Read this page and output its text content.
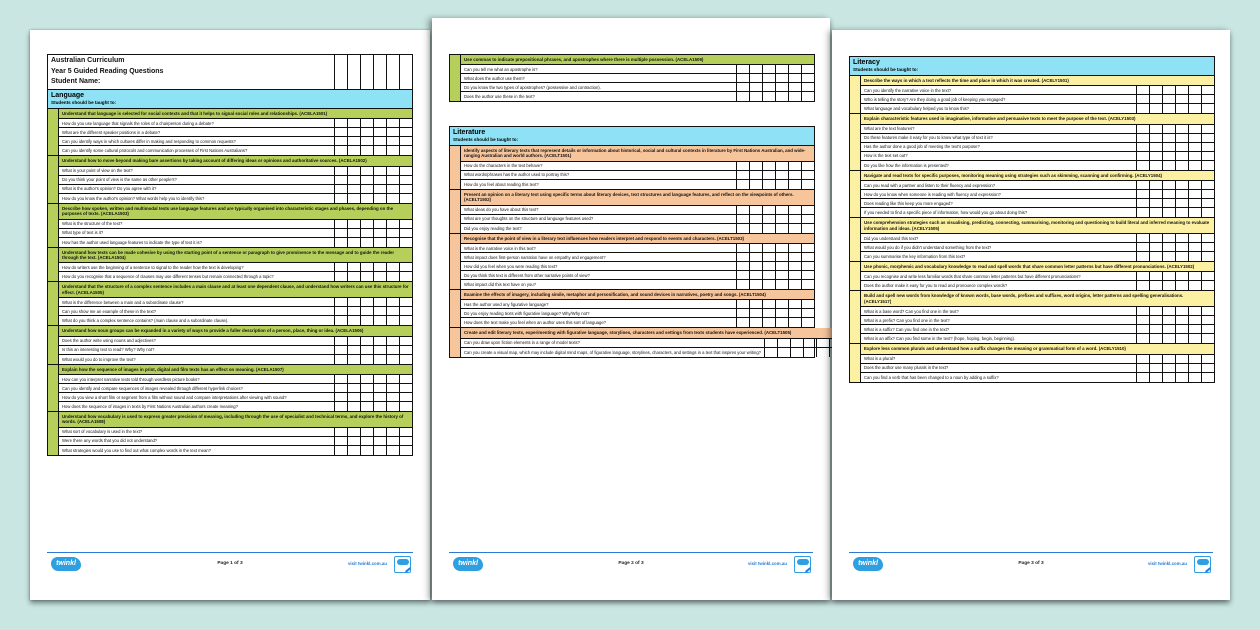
Australian Curriculum
Year 5 Guided Reading Questions
Student Name:
Language
Students should be taught to:
Understand that language is selected for social contexts and that it helps to signal social roles and relationships. (ACELA1501)
How do you use language that signals the roles of a chairperson during a debate?
What are the different speaker positions in a debate?
Can you identify ways in which cultures differ in making and responding to common requests?
Can you identify some cultural protocols and communication processes of First Nations Australians?
Understand how to move beyond making bare assertions by taking account of differing ideas or opinions and authoritative sources. (ACELA1502)
What is your point of view on the text?
Do you think your point of view is the same as other people's?
What is the author's opinion? Do you agree with it?
How do you know the author's opinion? What words help you to identify this?
Describe how spoken, written and multimodal texts use language features and are typically organised into characteristic stages and phases, depending on the purposes of texts. (ACELA1503)
What is the structure of the text?
What type of text is it?
How has the author used language features to indicate the type of text it is?
Understand how texts can be made cohesive by using the starting point of a sentence or paragraph to give prominence to the message and to guide the reader through the text. (ACELA1504)
How do writers use the beginning of a sentence to signal to the reader how the text is developing?
How do you recognise that a sequence of clauses may use different tenses but remain connected through a topic?
Understand that the structure of a complex sentence includes a main clause and at least one dependent clause, and understand how writers can use this structure for effect. (ACELA1505)
What is the difference between a main and a subordinate clause?
Can you show me an example of these in the text?
What do you think a complex sentence contains? (main clause and a subordinate clause).
Understand how noun groups can be expanded in a variety of ways to provide a fuller description of a person, place, thing or idea. (ACELA1506)
Does the author write using nouns and adjectives?
Is this an interesting text to read? Why? Why not?
What would you do to improve the text?
Explain how the sequence of images in print, digital and film texts has an effect on meaning. (ACELA1507)
How can you interpret narrative texts told through wordless picture books?
Can you identify and compare sequences of images revealed through different hyperlink choices?
How do you view a short film or segment from a film without sound and compare interpretations after viewing with sound?
How does the sequence of images in texts by First Nations Australian authors create meaning?
Understand how vocabulary is used to express greater precision of meaning, including through the use of specialist and technical terms, and explore the history of words. (ACELA1508)
What sort of vocabulary is used in the text?
Were there any words that you did not understand?
What strategies would you use to find out what complex words in the text mean?
twinkl	Page 1 of 3	visit twinkl.com.au
Use commas to indicate prepositional phrases, and apostrophes where there is multiple possession. (ACELA1509)
Can you tell me what an apostrophe is?
What does the author use them?
Do you know the two types of apostrophes? (possessive and contraction).
Does the author use these in the text?
Literature
Students should be taught to:
Identify aspects of literary texts that represent details or information about historical, social and cultural contexts in literature by First Nations Australian, and wide-ranging Australian and world authors. (ACELT1501)
How do the characters in the text behave?
What words/phrases has the author used to portray this?
How do you feel about reading this text?
Present an opinion on a literary text using specific terms about literary devices, text structures and language features, and reflect on the viewpoints of others. (ACELT1502)
What ideas do you have about this text?
What are your thoughts on the structure and language features used?
Did you enjoy reading the text?
Recognise that the point of view in a literary text influences how readers interpret and respond to events and characters. (ACELT1503)
What is the narrative voice in this text?
What impact does first-person narration have on empathy and engagement?
How did you feel when you were reading this text?
Do you think this text is different from other narrative points of view?
What impact did this text have on you?
Examine the effects of imagery, including simile, metaphor and personification, and sound devices in narratives, poetry and songs. (ACELT1504)
Has the author used any figurative language?
Do you enjoy reading texts with figurative language? Why/Why not?
How does the text make you feel when an author uses this sort of language?
Create and edit literary texts, experimenting with figurative language, storylines, characters and settings from texts students have experienced. (ACELT1505)
Can you draw upon fiction elements in a range of model texts?
Can you create a visual map, which may include digital mind maps, of figurative language, storylines, characters, and settings in a text that inspires your writing?
twinkl	Page 2 of 3	visit twinkl.com.au
Literacy
Students should be taught to:
Describe the ways in which a text reflects the time and place in which it was created. (ACELY1501)
Can you identify the narrative voice in the text?
Who is telling the story? Are they doing a good job of keeping you engaged?
What language and vocabulary helped you to know this?
Explain characteristic features used in imaginative, informative and persuasive texts to meet the purpose of the text. (ACELY1503)
What are the text features?
Do these features make it easy for you to know what type of text it is?
Has the author done a good job of meeting the text's purpose?
How is the text set out?
Do you like how the information is presented?
Navigate and read texts for specific purposes, monitoring meaning using strategies such as skimming, scanning and confirming. (ACELY1504)
Can you read with a partner and listen to their fluency and expression?
How do you know when someone is reading with fluency and expression?
Does reading like this keep you more engaged?
If you needed to find a specific piece of information, how would you go about doing this?
Use comprehension strategies such as visualising, predicting, connecting, summarising, monitoring and questioning to build literal and inferred meaning to evaluate information and ideas. (ACELY1505)
Did you understand this text?
What would you do if you didn't understand something from the text?
Can you summarise the key information from this text?
Use phonic, morphemic and vocabulary knowledge to read and spell words that share common letter patterns but have different pronunciations. (ACELY1502)
Can you recognise and write less familiar words that share common letter patterns but have different pronunciations?
Does the author make it easy for you to read and pronounce complex words?
Build and spell new words from knowledge of known words, base words, prefixes and suffixes, word origins, letter patterns and spelling generalisations. (ACELY1517)
What is a base word? Can you find one in the text?
What is a prefix? Can you find one in the text?
What is a suffix? Can you find one in the text?
What is an affix? Can you find some in the text? (hope, hoping, begin, beginning).
Explore less common plurals and understand how a suffix changes the meaning or grammatical form of a word. (ACELY1510)
What is a plural?
Does the author use many plurals in the text?
Can you find a verb that has been changed to a noun by adding a suffix?
twinkl	Page 3 of 3	visit twinkl.com.au
